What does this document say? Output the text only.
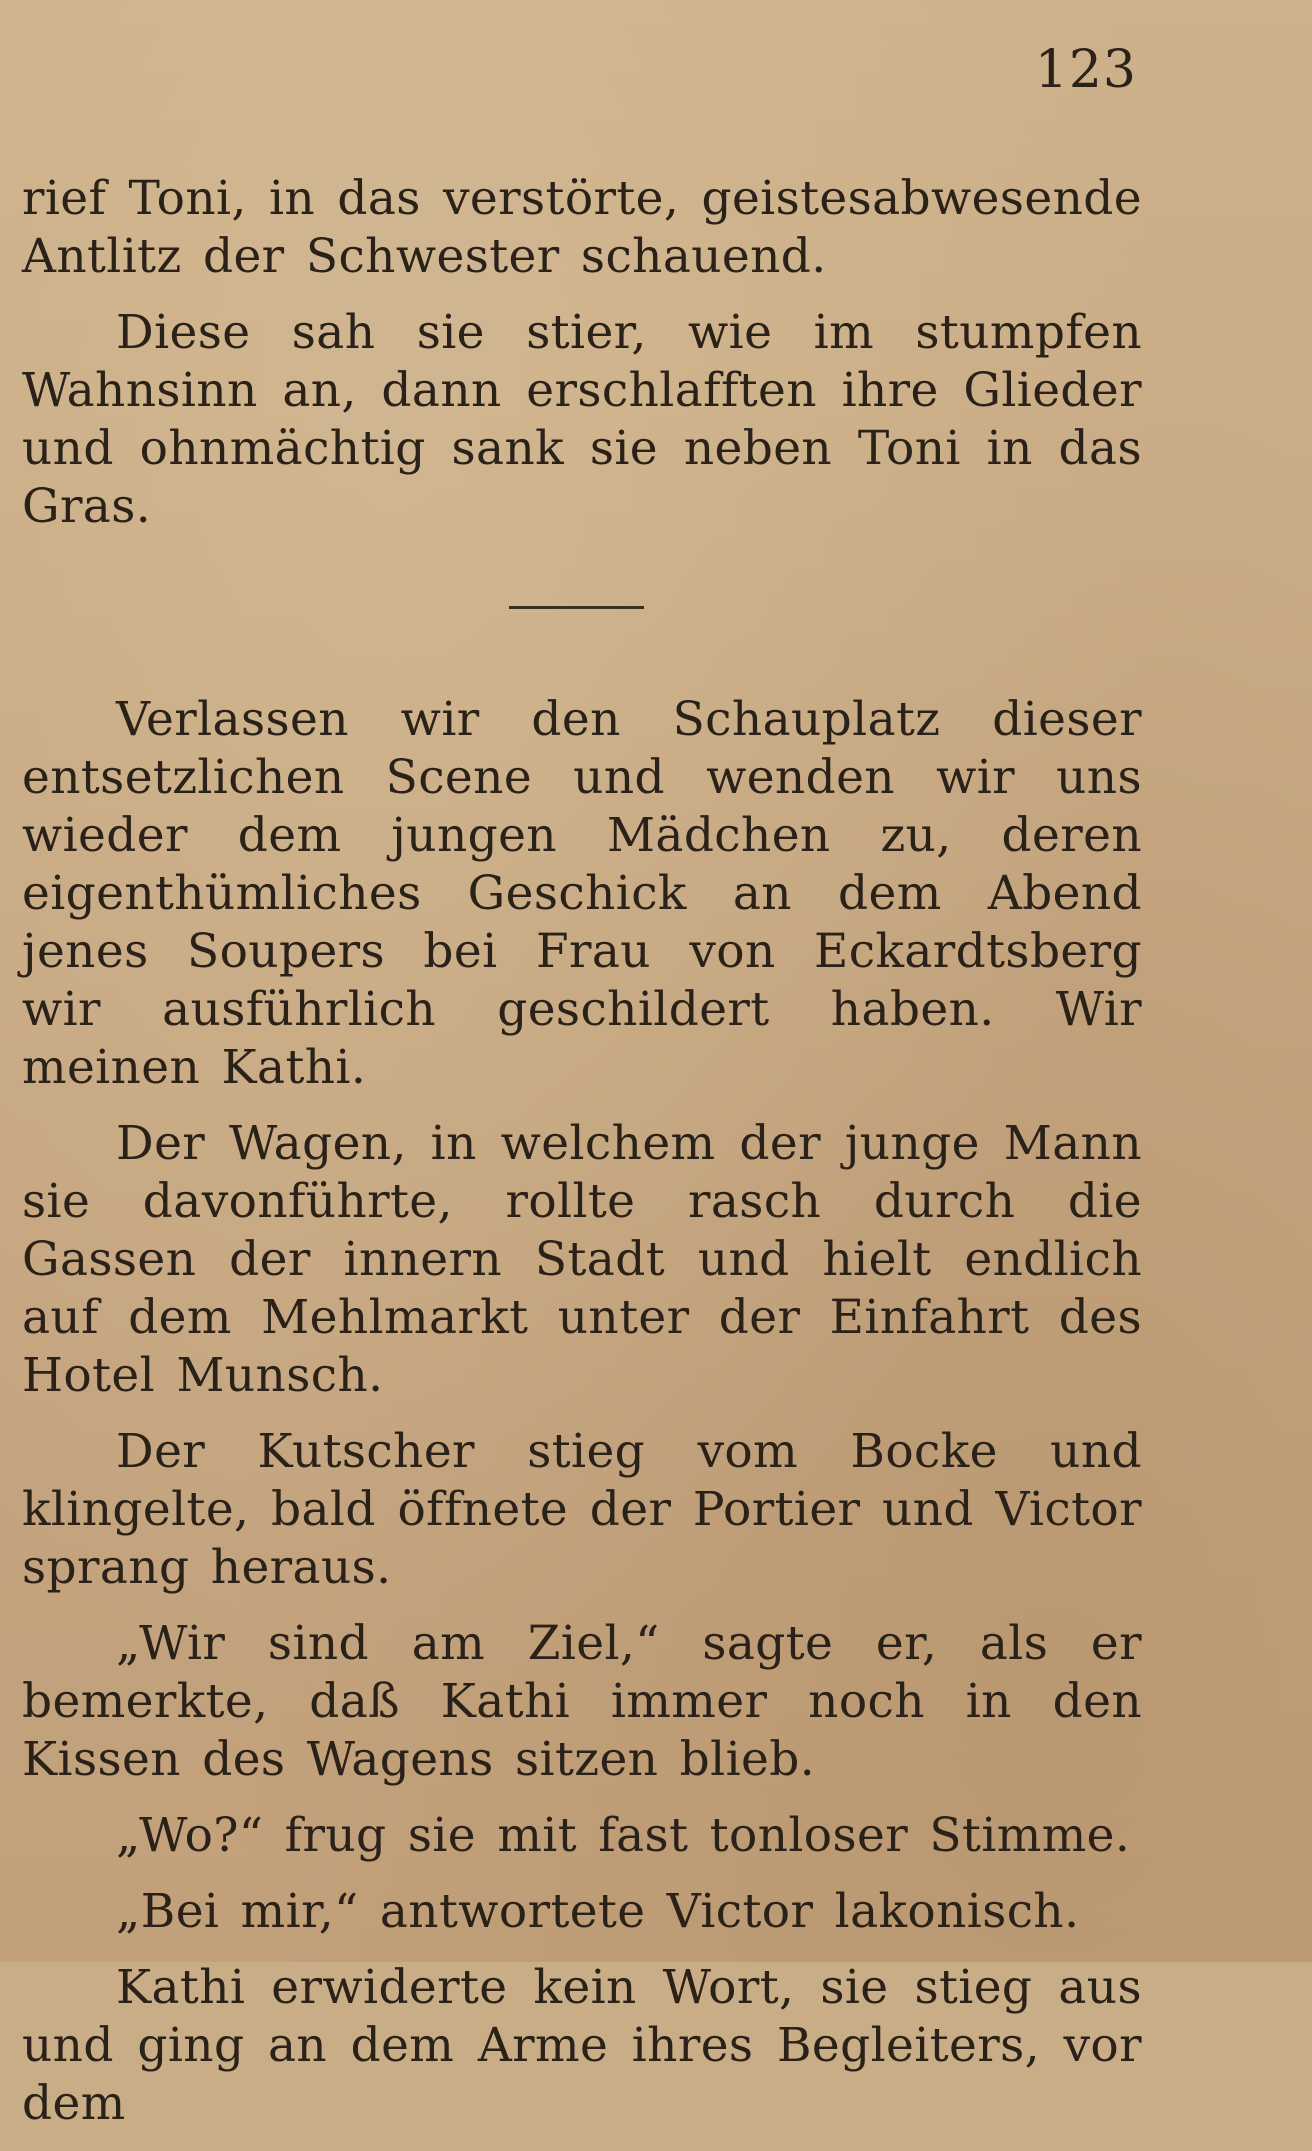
123

rief Toni, in das verstörte, geistesabwesende Antlitz der Schwester schauend.

Diese sah sie stier, wie im stumpfen Wahnsinn an, dann erschlafften ihre Glieder und ohnmächtig sank sie neben Toni in das Gras.

Verlassen wir den Schauplatz dieser entsetzlichen Scene und wenden wir uns wieder dem jungen Mädchen zu, deren eigenthümliches Geschick an dem Abend jenes Soupers bei Frau von Eckardtsberg wir ausführlich geschildert haben. Wir meinen Kathi.

Der Wagen, in welchem der junge Mann sie davonführte, rollte rasch durch die Gassen der innern Stadt und hielt endlich auf dem Mehlmarkt unter der Einfahrt des Hotel Munsch.

Der Kutscher stieg vom Bocke und klingelte, bald öffnete der Portier und Victor sprang heraus.

„Wir sind am Ziel,“ sagte er, als er bemerkte, daß Kathi immer noch in den Kissen des Wagens sitzen blieb.

„Wo?“ frug sie mit fast tonloser Stimme.

„Bei mir,“ antwortete Victor lakonisch.

Kathi erwiderte kein Wort, sie stieg aus und ging an dem Arme ihres Begleiters, vor dem
